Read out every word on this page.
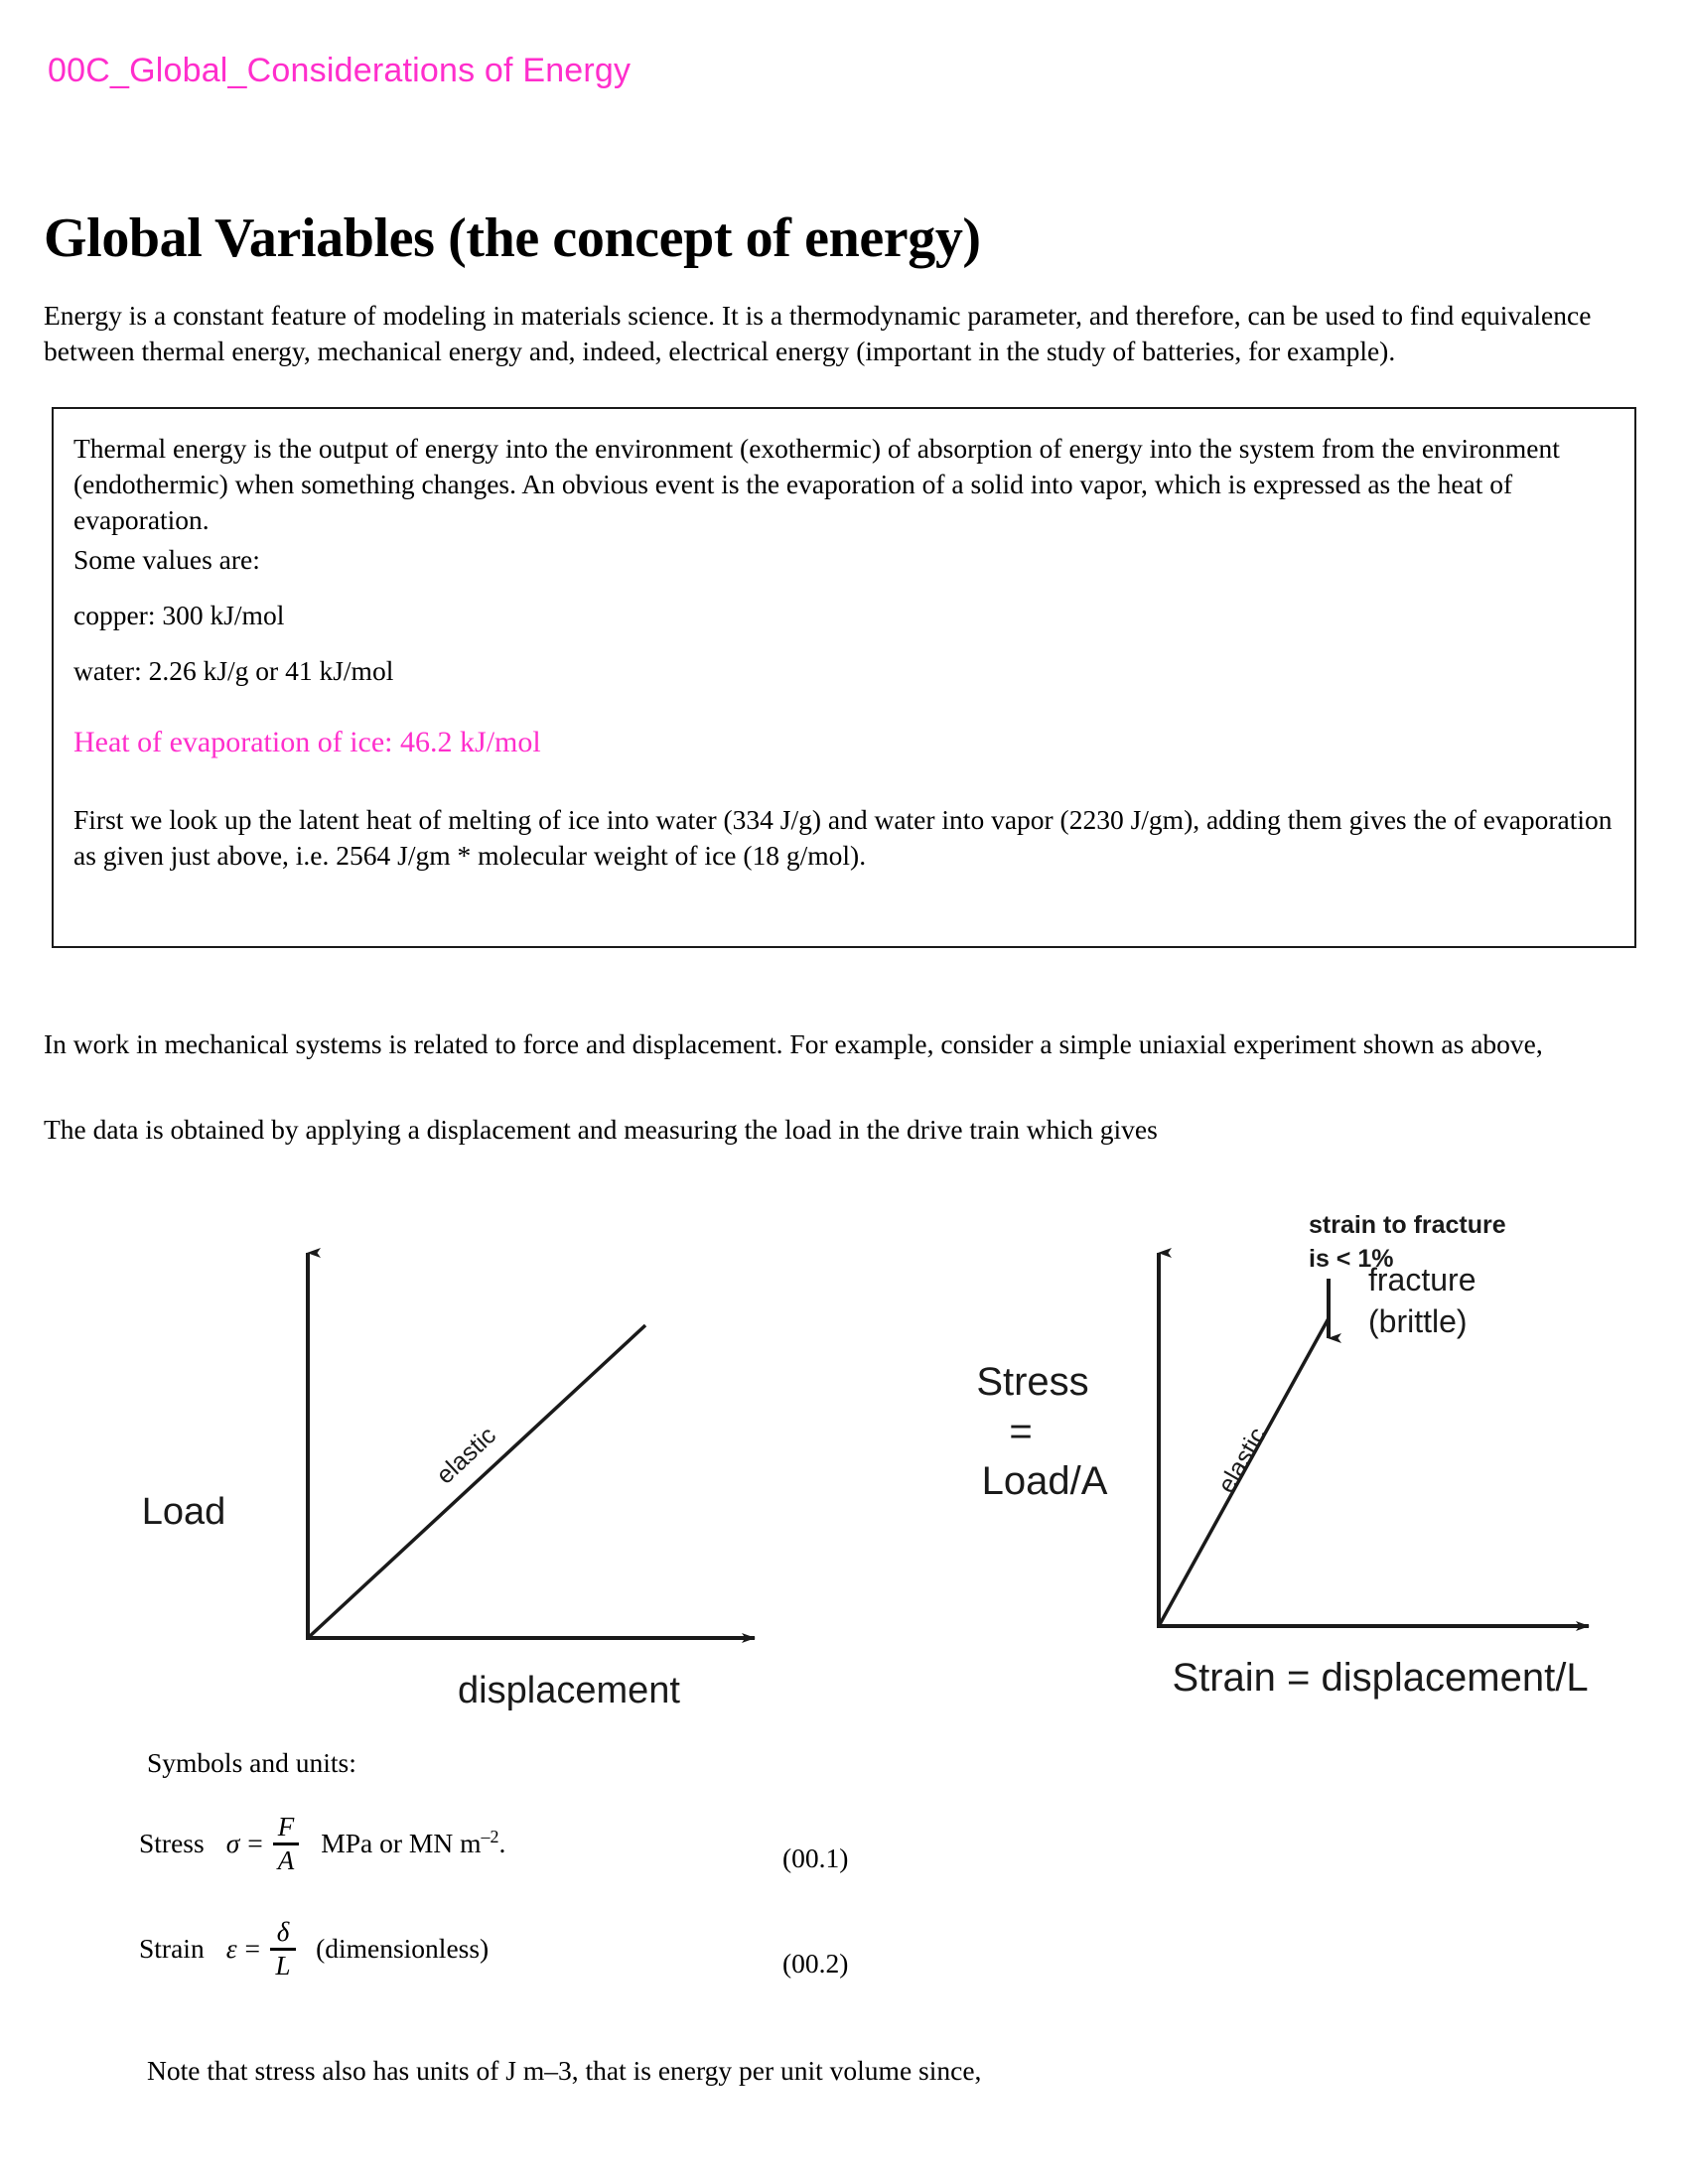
00C_Global_Considerations of Energy
Global Variables (the concept of energy)

Energy is a constant feature of modeling in materials science. It is a thermodynamic parameter, and therefore, can be used to find equivalence between thermal energy, mechanical energy and, indeed, electrical energy (important in the study of batteries, for example).

Thermal energy is the output of energy into the environment (exothermic) of absorption of energy into the system from the environment (endothermic) when something changes. An obvious event is the evaporation of a solid into vapor, which is expressed as the heat of evaporation.

Some values are:

copper: 300 kJ/mol

water: 2.26 kJ/g or 41 kJ/mol

Heat of evaporation of ice: 46.2 kJ/mol

First we look up the latent heat of melting of ice into water (334 J/g) and water into vapor (2230 J/gm), adding them gives the of evaporation as given just above, i.e. 2564 J/gm * molecular weight of ice (18 g/mol).

In work in mechanical systems is related to force and displacement. For example, consider a simple uniaxial experiment shown as above,

The data is obtained by applying a displacement and measuring the load in the drive train which gives

Load
displacement
elastic
Stress
=
Load/A
Strain = displacement/L
elastic
strain to fracture
is < 1%
fracture
(brittle)
Symbols and units:
Stress $\sigma = \frac{F}{A}$ MPa or MN $m^{-2}$.	(00.1)
Strain $\varepsilon = \frac{\delta}{L}$ (dimensionless)	(00.2)

Note that stress also has units of J m–3, that is energy per unit volume since,
